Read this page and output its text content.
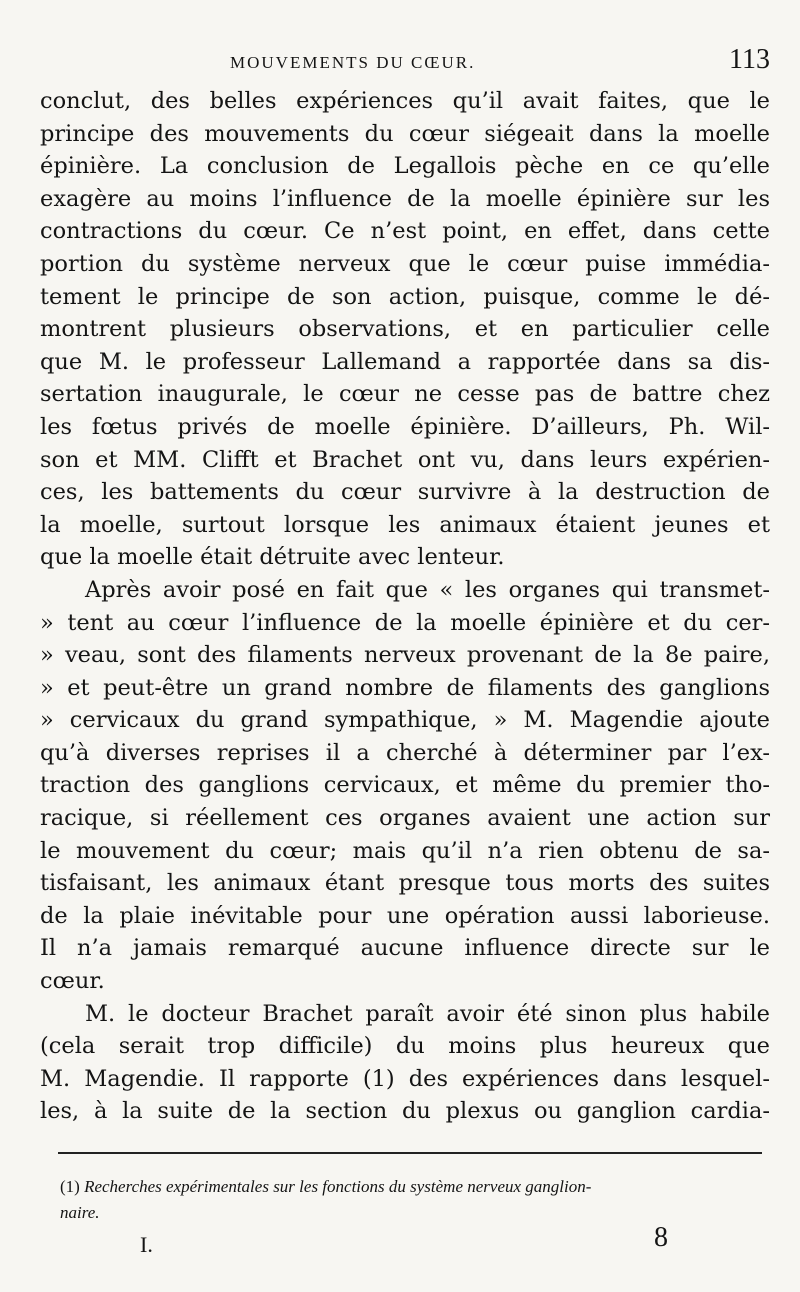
MOUVEMENTS DU CŒUR.	113
conclut, des belles expériences qu’il avait faites, que le
principe des mouvements du cœur siégeait dans la moelle
épinière. La conclusion de Legallois pèche en ce qu’elle
exagère au moins l’influence de la moelle épinière sur les
contractions du cœur. Ce n’est point, en effet, dans cette
portion du système nerveux que le cœur puise immédia-
tement le principe de son action, puisque, comme le dé-
montrent plusieurs observations, et en particulier celle
que M. le professeur Lallemand a rapportée dans sa dis-
sertation inaugurale, le cœur ne cesse pas de battre chez
les fœtus privés de moelle épinière. D’ailleurs, Ph. Wil-
son et MM. Clifft et Brachet ont vu, dans leurs expérien-
ces, les battements du cœur survivre à la destruction de
la moelle, surtout lorsque les animaux étaient jeunes et
que la moelle était détruite avec lenteur.
Après avoir posé en fait que « les organes qui transmet-
» tent au cœur l’influence de la moelle épinière et du cer-
» veau, sont des filaments nerveux provenant de la 8e paire,
» et peut-être un grand nombre de filaments des ganglions
» cervicaux du grand sympathique, » M. Magendie ajoute
qu’à diverses reprises il a cherché à déterminer par l’ex-
traction des ganglions cervicaux, et même du premier tho-
racique, si réellement ces organes avaient une action sur
le mouvement du cœur; mais qu’il n’a rien obtenu de sa-
tisfaisant, les animaux étant presque tous morts des suites
de la plaie inévitable pour une opération aussi laborieuse.
Il n’a jamais remarqué aucune influence directe sur le
cœur.
M. le docteur Brachet paraît avoir été sinon plus habile
(cela serait trop difficile) du moins plus heureux que
M. Magendie. Il rapporte (1) des expériences dans lesquel-
les, à la suite de la section du plexus ou ganglion cardia-
(1) Recherches expérimentales sur les fonctions du système nerveux ganglion-
naire.
I.	8
